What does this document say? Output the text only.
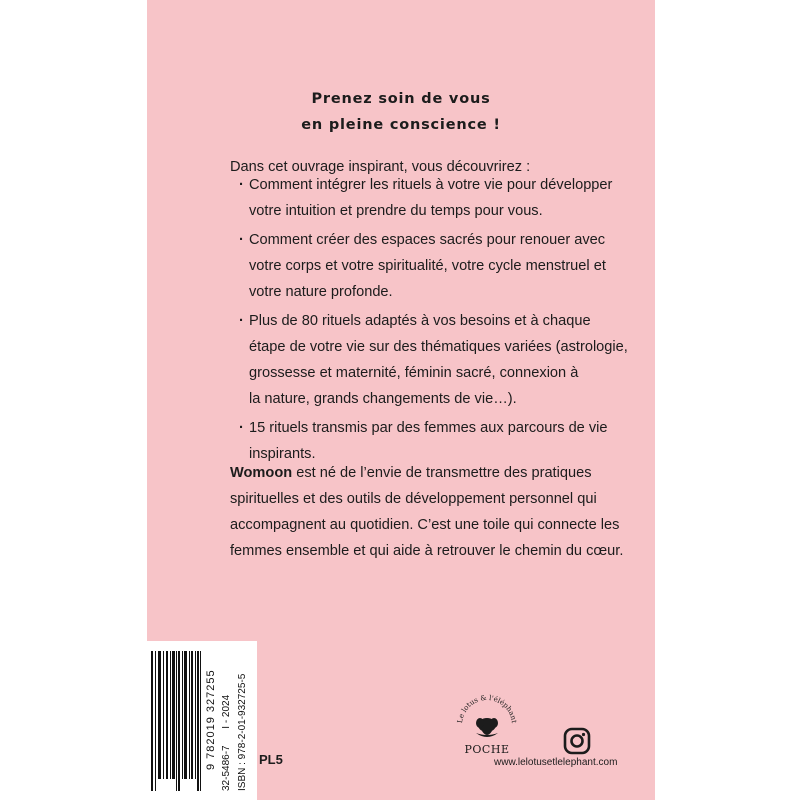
Prenez soin de vous
en pleine conscience !
Dans cet ouvrage inspirant, vous découvrirez :
· Comment intégrer les rituels à votre vie pour développer
votre intuition et prendre du temps pour vous.
· Comment créer des espaces sacrés pour renouer avec
votre corps et votre spiritualité, votre cycle menstruel et
votre nature profonde.
· Plus de 80 rituels adaptés à vos besoins et à chaque
étape de votre vie sur des thématiques variées (astrologie,
grossesse et maternité, féminin sacré, connexion à
la nature, grands changements de vie…).
· 15 rituels transmis par des femmes aux parcours de vie
inspirants.
Womoon est né de l’envie de transmettre des pratiques
spirituelles et des outils de développement personnel qui
accompagnent au quotidien. C’est une toile qui connecte les
femmes ensemble et qui aide à retrouver le chemin du cœur.
9 782019 327255 32-5486-7      I - 2024 ISBN : 978-2-01-932725-5 PL5
Le lotus & l'éléphant
POCHE
www.lelotusetlelephant.com
